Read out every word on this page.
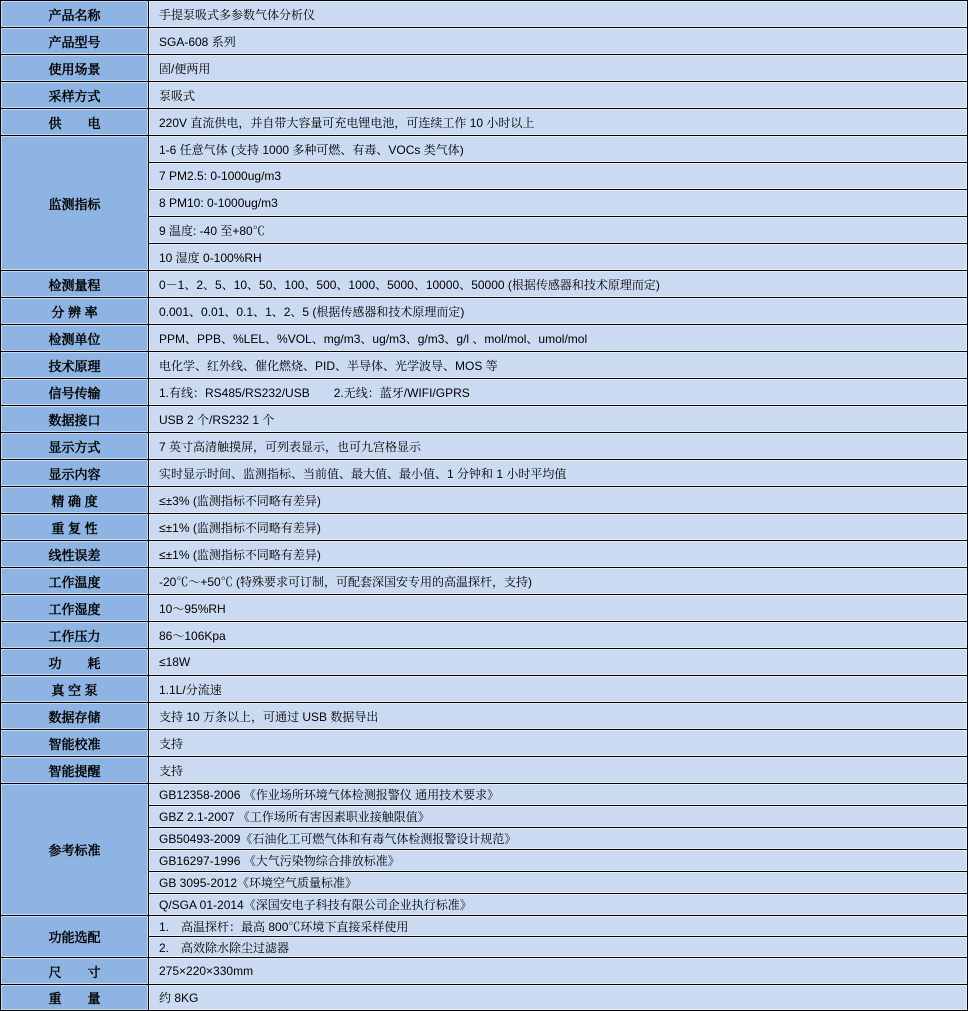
产品名称	手提泵吸式多参数气体分析仪
产品型号	SGA-608 系列
使用场景	固/便两用
采样方式	泵吸式
供　　电	220V 直流供电，并自带大容量可充电锂电池，可连续工作 10 小时以上
监测指标	1-6 任意气体 (支持 1000 多种可燃、有毒、VOCs 类气体)
	7 PM2.5: 0-1000ug/m3
	8 PM10: 0-1000ug/m3
	9 温度: -40 至+80℃
	10 湿度 0-100%RH
检测量程	0－1、2、5、10、50、100、500、1000、5000、10000、50000 (根据传感器和技术原理而定)
分 辨 率	0.001、0.01、0.1、1、2、5 (根据传感器和技术原理而定)
检测单位	PPM、PPB、%LEL、%VOL、mg/m3、ug/m3、g/m3、g/l 、mol/mol、umol/mol
技术原理	电化学、红外线、催化燃烧、PID、半导体、光学波导、MOS 等
信号传输	1.有线：RS485/RS232/USB　　2.无线：蓝牙/WIFI/GPRS
数据接口	USB 2 个/RS232 1 个
显示方式	7 英寸高清触摸屏，可列表显示，也可九宫格显示
显示内容	实时显示时间、监测指标、当前值、最大值、最小值、1 分钟和 1 小时平均值
精 确 度	≤±3% (监测指标不同略有差异)
重 复 性	≤±1% (监测指标不同略有差异)
线性误差	≤±1% (监测指标不同略有差异)
工作温度	-20℃～+50℃ (特殊要求可订制，可配套深国安专用的高温探杆，支持)
工作湿度	10～95%RH
工作压力	86～106Kpa
功　　耗	≤18W
真 空 泵	1.1L/分流速
数据存储	支持 10 万条以上，可通过 USB 数据导出
智能校准	支持
智能提醒	支持
参考标准	GB12358-2006 《作业场所环境气体检测报警仪 通用技术要求》
	GBZ 2.1-2007 《工作场所有害因素职业接触限值》
	GB50493-2009《石油化工可燃气体和有毒气体检测报警设计规范》
	GB16297-1996 《大气污染物综合排放标准》
	GB 3095-2012《环境空气质量标准》
	Q/SGA 01-2014《深国安电子科技有限公司企业执行标准》
功能选配	1.　高温探杆：最高 800℃环境下直接采样使用
	2.　高效除水除尘过滤器
尺　　寸	275×220×330mm
重　　量	约 8KG
